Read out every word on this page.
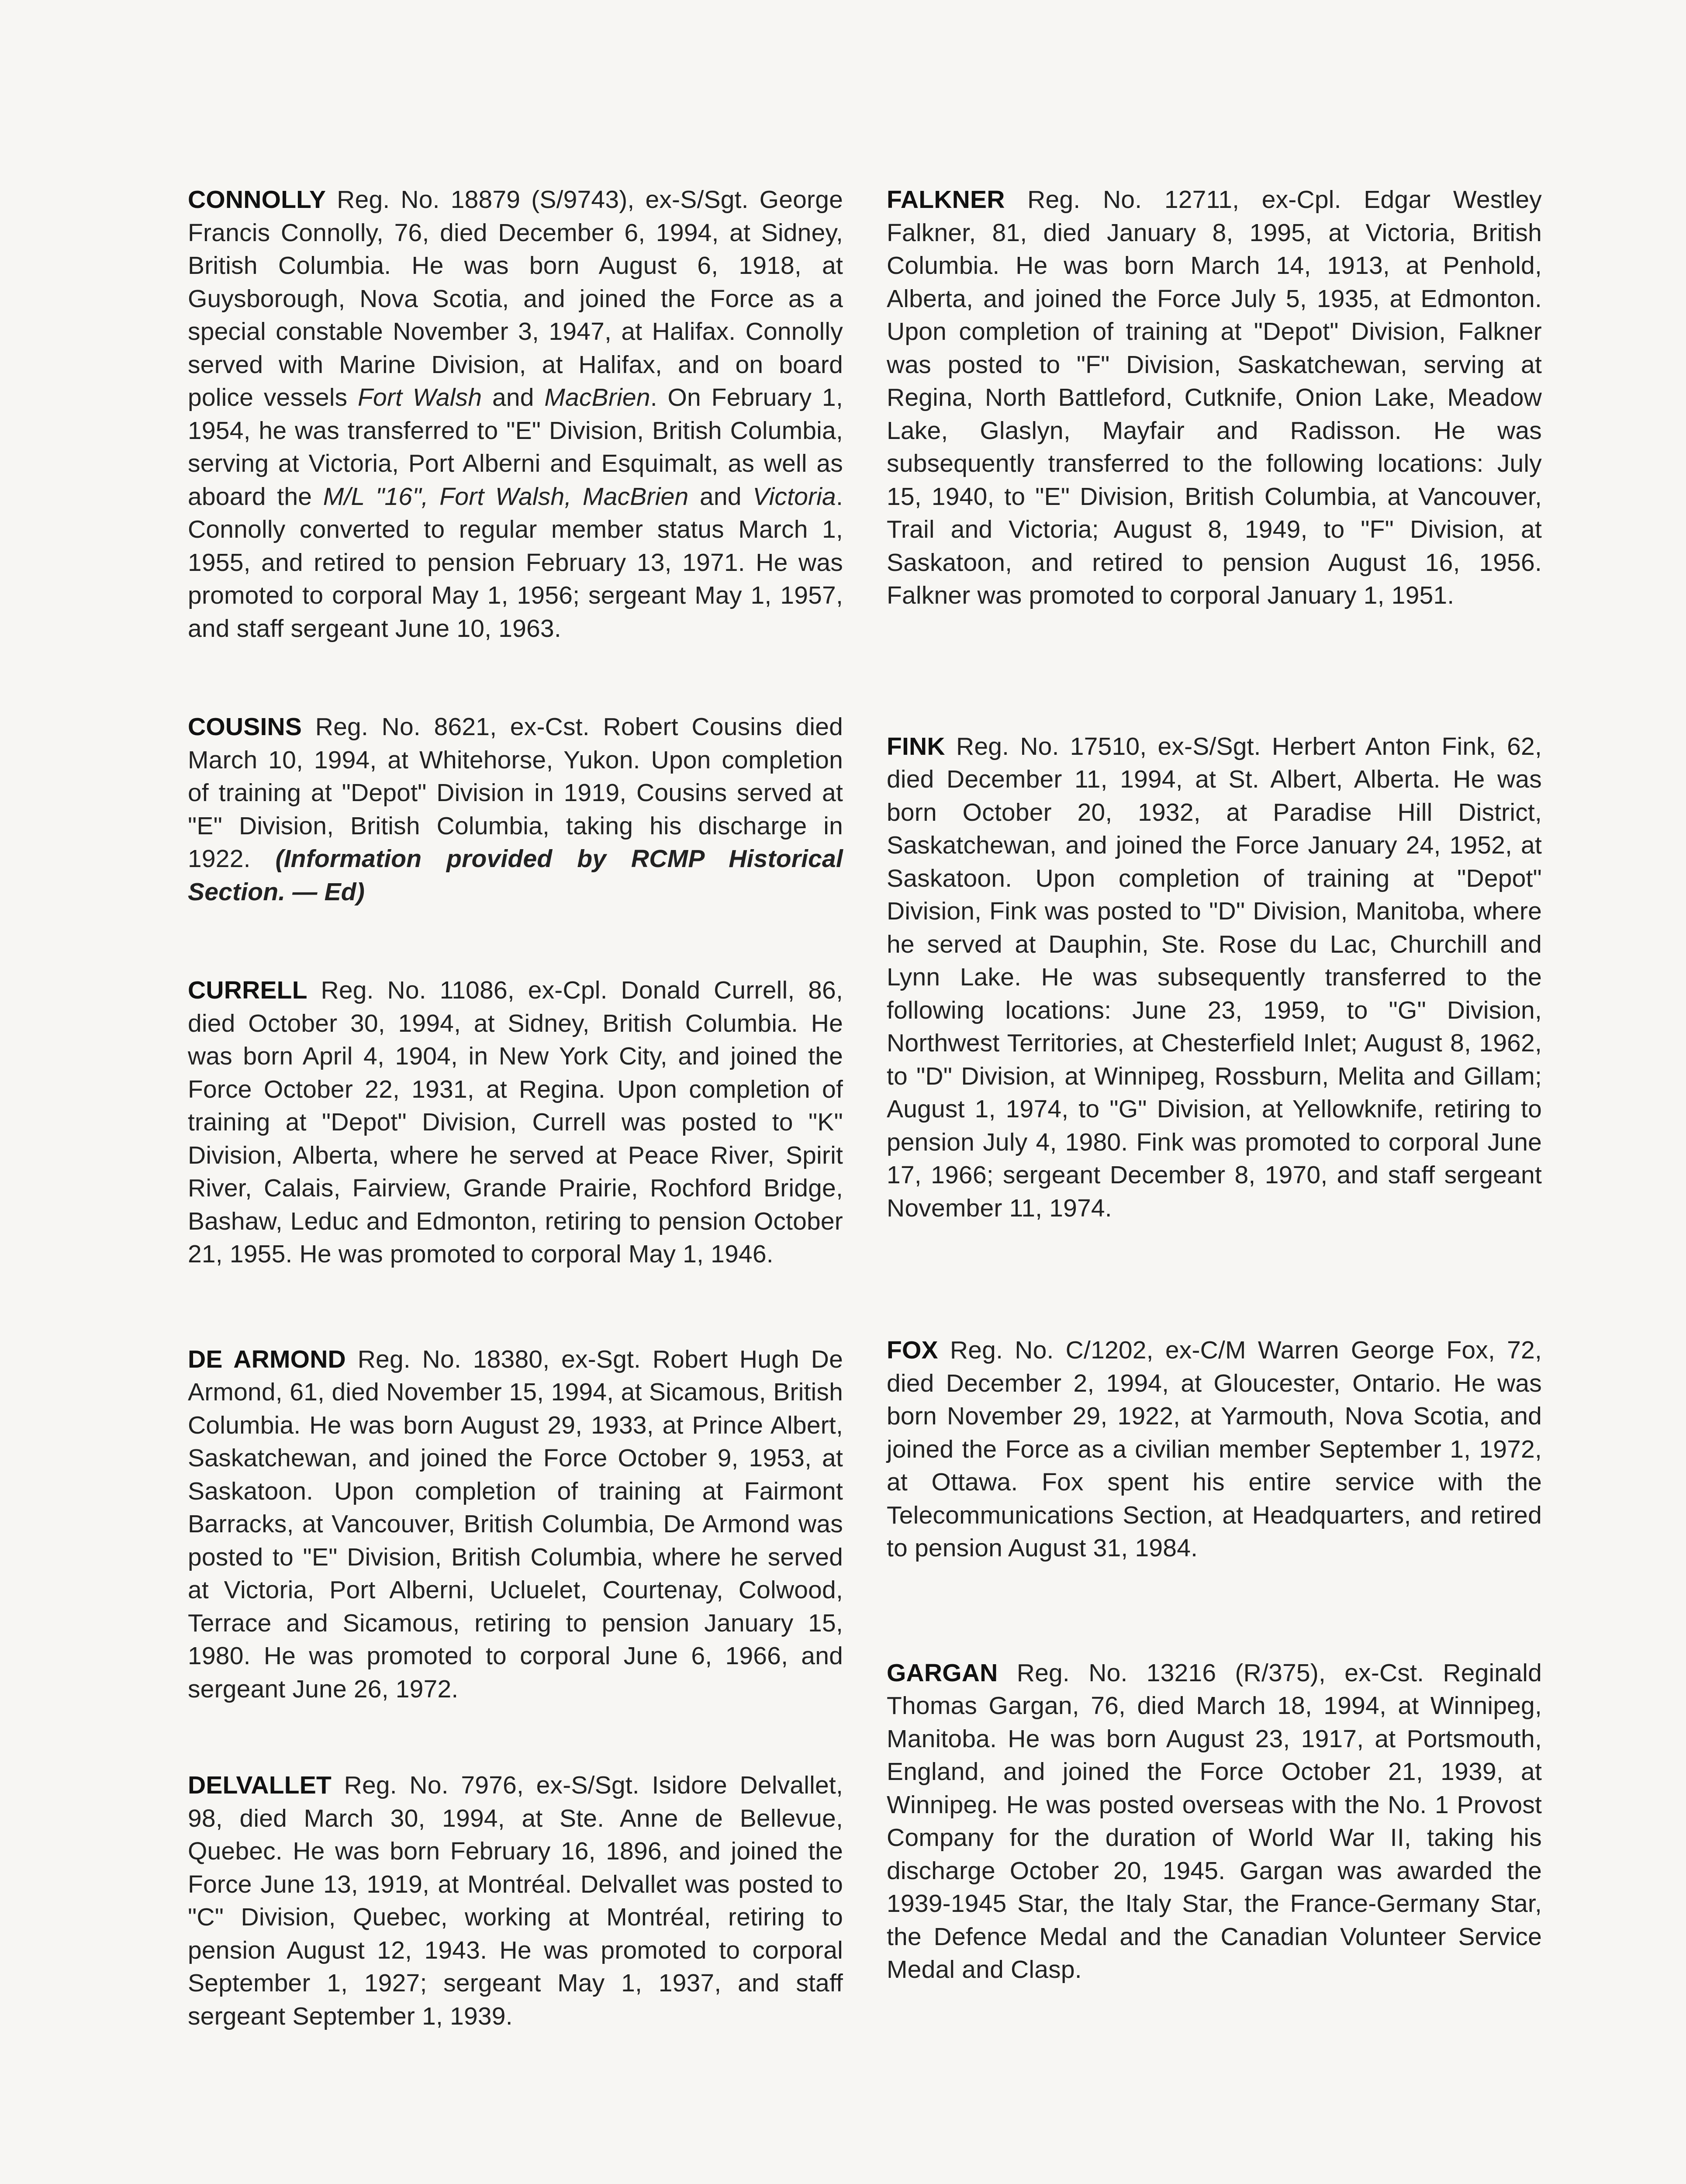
CONNOLLY Reg. No. 18879 (S/9743), ex-S/Sgt. George Francis Connolly, 76, died December 6, 1994, at Sidney, British Columbia. He was born August 6, 1918, at Guysborough, Nova Scotia, and joined the Force as a special constable November 3, 1947, at Halifax. Connolly served with Marine Division, at Halifax, and on board police vessels Fort Walsh and MacBrien. On February 1, 1954, he was transferred to "E" Division, British Columbia, serving at Victoria, Port Alberni and Esquimalt, as well as aboard the M/L "16", Fort Walsh, MacBrien and Victoria. Connolly converted to regular member status March 1, 1955, and retired to pension February 13, 1971. He was promoted to corporal May 1, 1956; sergeant May 1, 1957, and staff sergeant June 10, 1963.

COUSINS Reg. No. 8621, ex-Cst. Robert Cousins died March 10, 1994, at Whitehorse, Yukon. Upon completion of training at "Depot" Division in 1919, Cousins served at "E" Division, British Columbia, taking his discharge in 1922. (Information provided by RCMP Historical Section. — Ed)

CURRELL Reg. No. 11086, ex-Cpl. Donald Currell, 86, died October 30, 1994, at Sidney, British Columbia. He was born April 4, 1904, in New York City, and joined the Force October 22, 1931, at Regina. Upon completion of training at "Depot" Division, Currell was posted to "K" Division, Alberta, where he served at Peace River, Spirit River, Calais, Fairview, Grande Prairie, Rochford Bridge, Bashaw, Leduc and Edmonton, retiring to pension October 21, 1955. He was promoted to corporal May 1, 1946.

DE ARMOND Reg. No. 18380, ex-Sgt. Robert Hugh De Armond, 61, died November 15, 1994, at Sicamous, British Columbia. He was born August 29, 1933, at Prince Albert, Saskatchewan, and joined the Force October 9, 1953, at Saskatoon. Upon completion of training at Fairmont Barracks, at Vancouver, British Columbia, De Armond was posted to "E" Division, British Columbia, where he served at Victoria, Port Alberni, Ucluelet, Courtenay, Colwood, Terrace and Sicamous, retiring to pension January 15, 1980. He was promoted to corporal June 6, 1966, and sergeant June 26, 1972.

DELVALLET Reg. No. 7976, ex-S/Sgt. Isidore Delvallet, 98, died March 30, 1994, at Ste. Anne de Bellevue, Quebec. He was born February 16, 1896, and joined the Force June 13, 1919, at Montréal. Delvallet was posted to "C" Division, Quebec, working at Montréal, retiring to pension August 12, 1943. He was promoted to corporal September 1, 1927; sergeant May 1, 1937, and staff sergeant September 1, 1939.

FALKNER Reg. No. 12711, ex-Cpl. Edgar Westley Falkner, 81, died January 8, 1995, at Victoria, British Columbia. He was born March 14, 1913, at Penhold, Alberta, and joined the Force July 5, 1935, at Edmonton. Upon completion of training at "Depot" Division, Falkner was posted to "F" Division, Saskatchewan, serving at Regina, North Battleford, Cutknife, Onion Lake, Meadow Lake, Glaslyn, Mayfair and Radisson. He was subsequently transferred to the following locations: July 15, 1940, to "E" Division, British Columbia, at Vancouver, Trail and Victoria; August 8, 1949, to "F" Division, at Saskatoon, and retired to pension August 16, 1956. Falkner was promoted to corporal January 1, 1951.

FINK Reg. No. 17510, ex-S/Sgt. Herbert Anton Fink, 62, died December 11, 1994, at St. Albert, Alberta. He was born October 20, 1932, at Paradise Hill District, Saskatchewan, and joined the Force January 24, 1952, at Saskatoon. Upon completion of training at "Depot" Division, Fink was posted to "D" Division, Manitoba, where he served at Dauphin, Ste. Rose du Lac, Churchill and Lynn Lake. He was subsequently transferred to the following locations: June 23, 1959, to "G" Division, Northwest Territories, at Chesterfield Inlet; August 8, 1962, to "D" Division, at Winnipeg, Rossburn, Melita and Gillam; August 1, 1974, to "G" Division, at Yellowknife, retiring to pension July 4, 1980. Fink was promoted to corporal June 17, 1966; sergeant December 8, 1970, and staff sergeant November 11, 1974.

FOX Reg. No. C/1202, ex-C/M Warren George Fox, 72, died December 2, 1994, at Gloucester, Ontario. He was born November 29, 1922, at Yarmouth, Nova Scotia, and joined the Force as a civilian member September 1, 1972, at Ottawa. Fox spent his entire service with the Telecommunications Section, at Headquarters, and retired to pension August 31, 1984.

GARGAN Reg. No. 13216 (R/375), ex-Cst. Reginald Thomas Gargan, 76, died March 18, 1994, at Winnipeg, Manitoba. He was born August 23, 1917, at Portsmouth, England, and joined the Force October 21, 1939, at Winnipeg. He was posted overseas with the No. 1 Provost Company for the duration of World War II, taking his discharge October 20, 1945. Gargan was awarded the 1939-1945 Star, the Italy Star, the France-Germany Star, the Defence Medal and the Canadian Volunteer Service Medal and Clasp.
